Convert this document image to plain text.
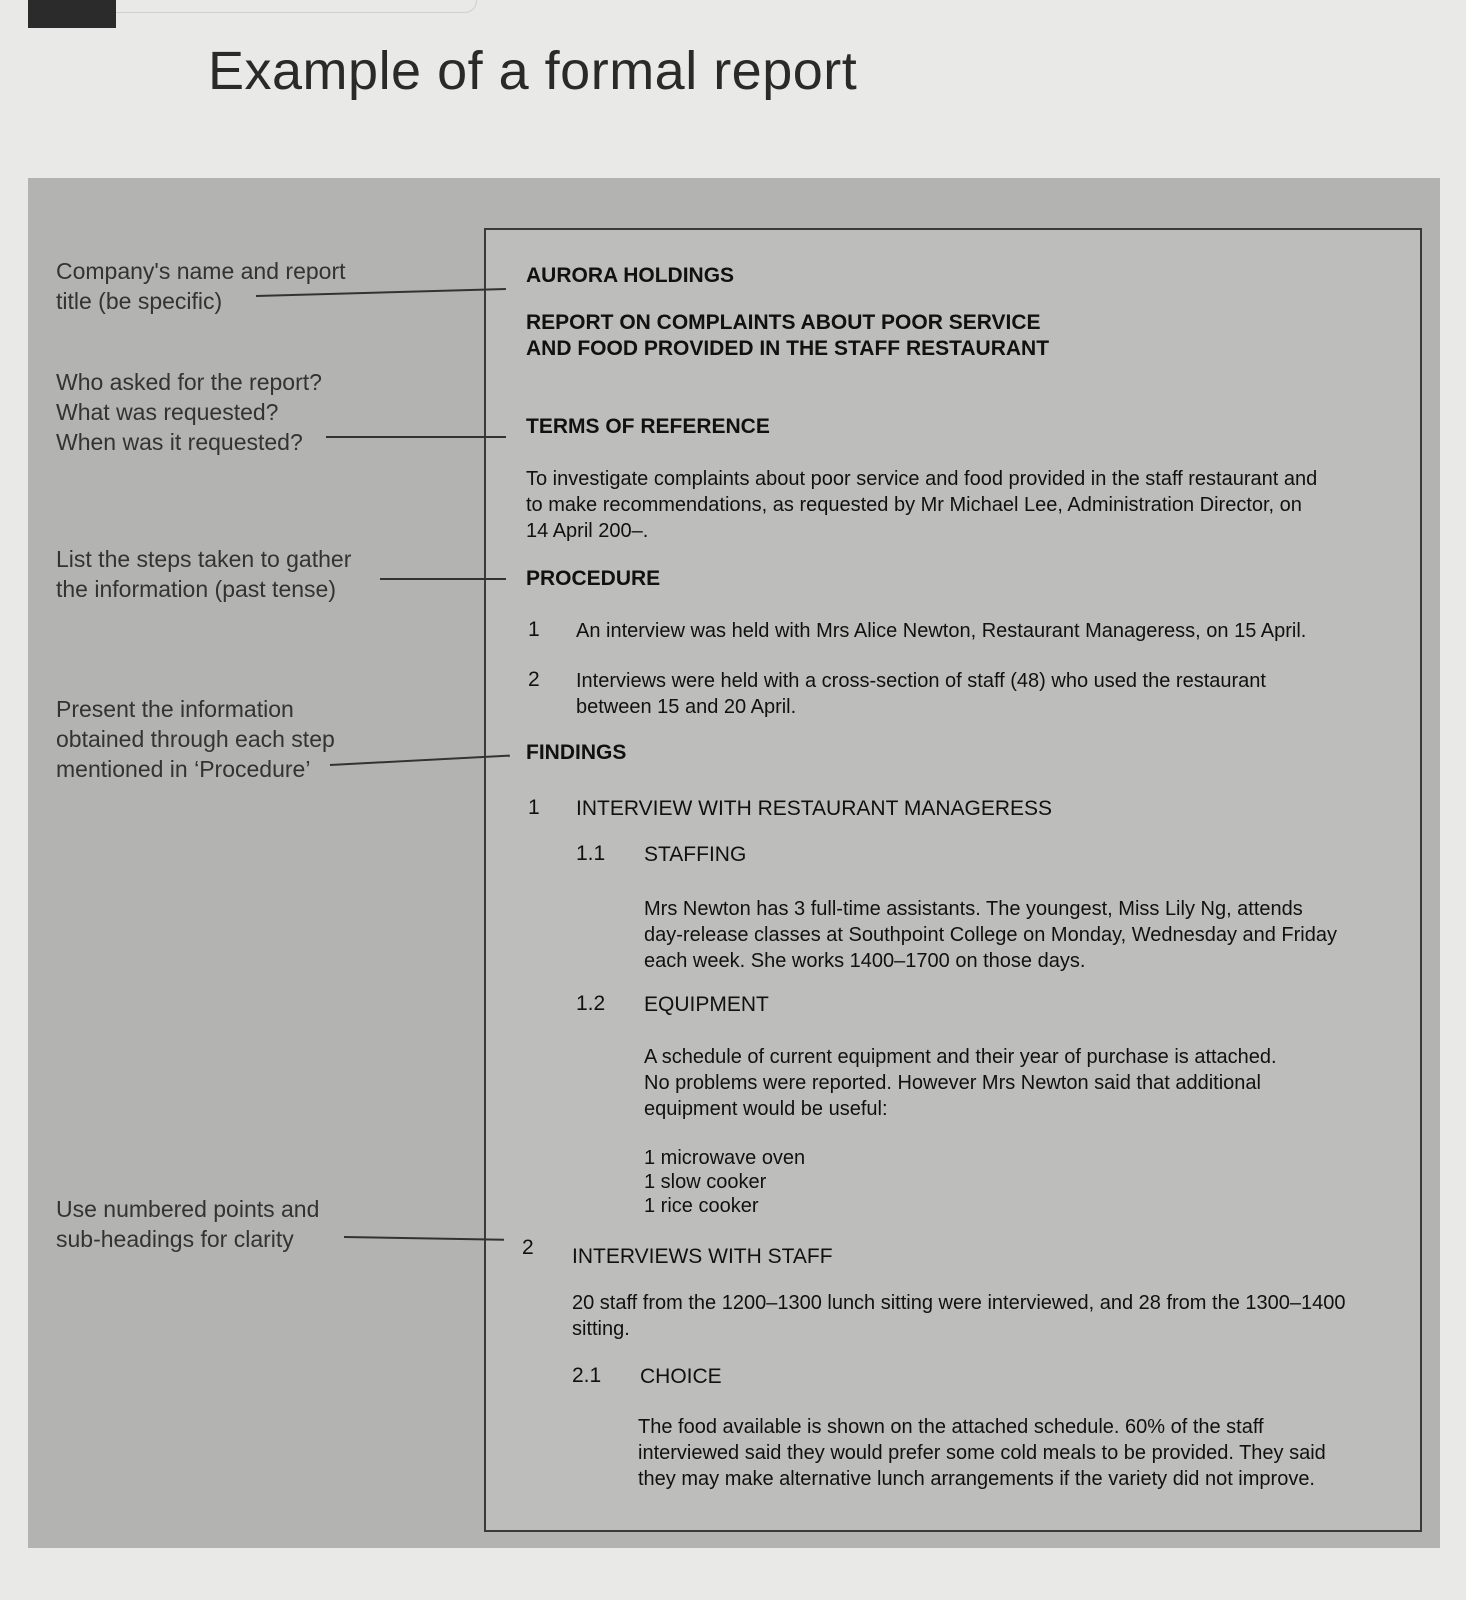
Example of a formal report
Company's name and report
title (be specific)
Who asked for the report?
What was requested?
When was it requested?
List the steps taken to gather
the information (past tense)
Present the information
obtained through each step
mentioned in ‘Procedure’
Use numbered points and
sub-headings for clarity
AURORA HOLDINGS
REPORT ON COMPLAINTS ABOUT POOR SERVICE
AND FOOD PROVIDED IN THE STAFF RESTAURANT
TERMS OF REFERENCE
To investigate complaints about poor service and food provided in the staff restaurant and
to make recommendations, as requested by Mr Michael Lee, Administration Director, on
14 April 200–.
PROCEDURE
1 An interview was held with Mrs Alice Newton, Restaurant Manageress, on 15 April.
2 Interviews were held with a cross-section of staff (48) who used the restaurant
between 15 and 20 April.
FINDINGS
1 INTERVIEW WITH RESTAURANT MANAGERESS
1.1 STAFFING
Mrs Newton has 3 full-time assistants. The youngest, Miss Lily Ng, attends
day-release classes at Southpoint College on Monday, Wednesday and Friday
each week. She works 1400–1700 on those days.
1.2 EQUIPMENT
A schedule of current equipment and their year of purchase is attached.
No problems were reported. However Mrs Newton said that additional
equipment would be useful:
1 microwave oven
1 slow cooker
1 rice cooker
2 INTERVIEWS WITH STAFF
20 staff from the 1200–1300 lunch sitting were interviewed, and 28 from the 1300–1400
sitting.
2.1 CHOICE
The food available is shown on the attached schedule. 60% of the staff
interviewed said they would prefer some cold meals to be provided. They said
they may make alternative lunch arrangements if the variety did not improve.
